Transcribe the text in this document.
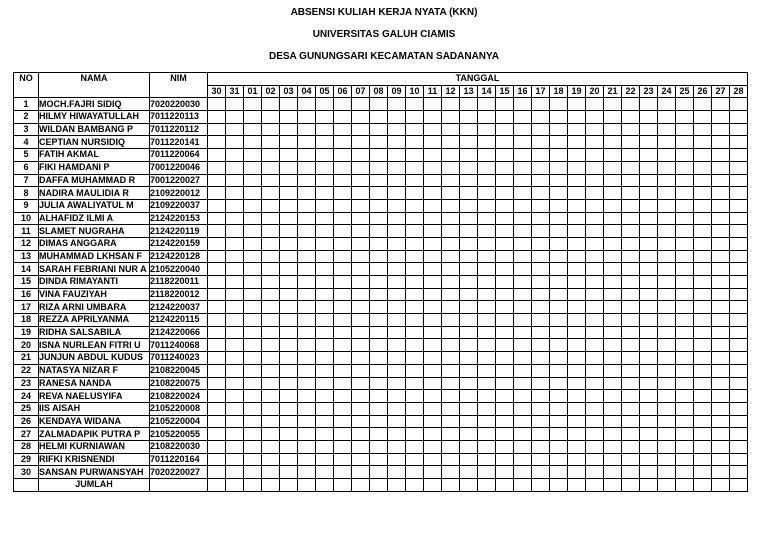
ABSENSI KULIAH KERJA NYATA (KKN)
UNIVERSITAS GALUH CIAMIS
DESA GUNUNGSARI KECAMATAN SADANANYA
NO	NAMA	NIM	TANGGAL																													
			30	31	01	02	03	04	05	06	07	08	09	10	11	12	13	14	15	16	17	18	19	20	21	22	23	24	25	26	27	28
1	MOCH.FAJRI SIDIQ	7020220030																														
2	HILMY HIWAYATULLAH	7011220113																														
3	WILDAN BAMBANG P	7011220112																														
4	CEPTIAN NURSIDIQ	7011220141																														
5	FATIH AKMAL	7011220064																														
6	FIKI HAMDANI P	7001220046																														
7	DAFFA MUHAMMAD R	7001220027																														
8	NADIRA MAULIDIA R	2109220012																														
9	JULIA AWALIYATUL M	2109220037																														
10	ALHAFIDZ ILMI A	2124220153																														
11	SLAMET NUGRAHA	2124220119																														
12	DIMAS ANGGARA	2124220159																														
13	MUHAMMAD LKHSAN F	2124220128																														
14	SARAH FEBRIANI NUR A	2105220040																														
15	DINDA RIMAYANTI	2118220011																														
16	VINA FAUZIYAH	2118220012																														
17	RIZA ARNI UMBARA	2124220037																														
18	REZZA APRILYANMA	2124220115																														
19	RIDHA SALSABILA	2124220066																														
20	ISNA NURLEAN FITRI U	7011240068																														
21	JUNJUN ABDUL KUDUS	7011240023																														
22	NATASYA NIZAR F	2108220045																														
23	RANESA NANDA	2108220075																														
24	REVA NAELUSYIFA	2108220024																														
25	IIS AISAH	2105220008																														
26	KENDAYA WIDANA	2105220004																														
27	ZALMADAPIK PUTRA P	2105220055																														
28	HELMI KURNIAWAN	2108220030																														
29	RIFKI KRISNENDI	7011220164																														
30	SANSAN PURWANSYAH	7020220027																														
	JUMLAH																															
